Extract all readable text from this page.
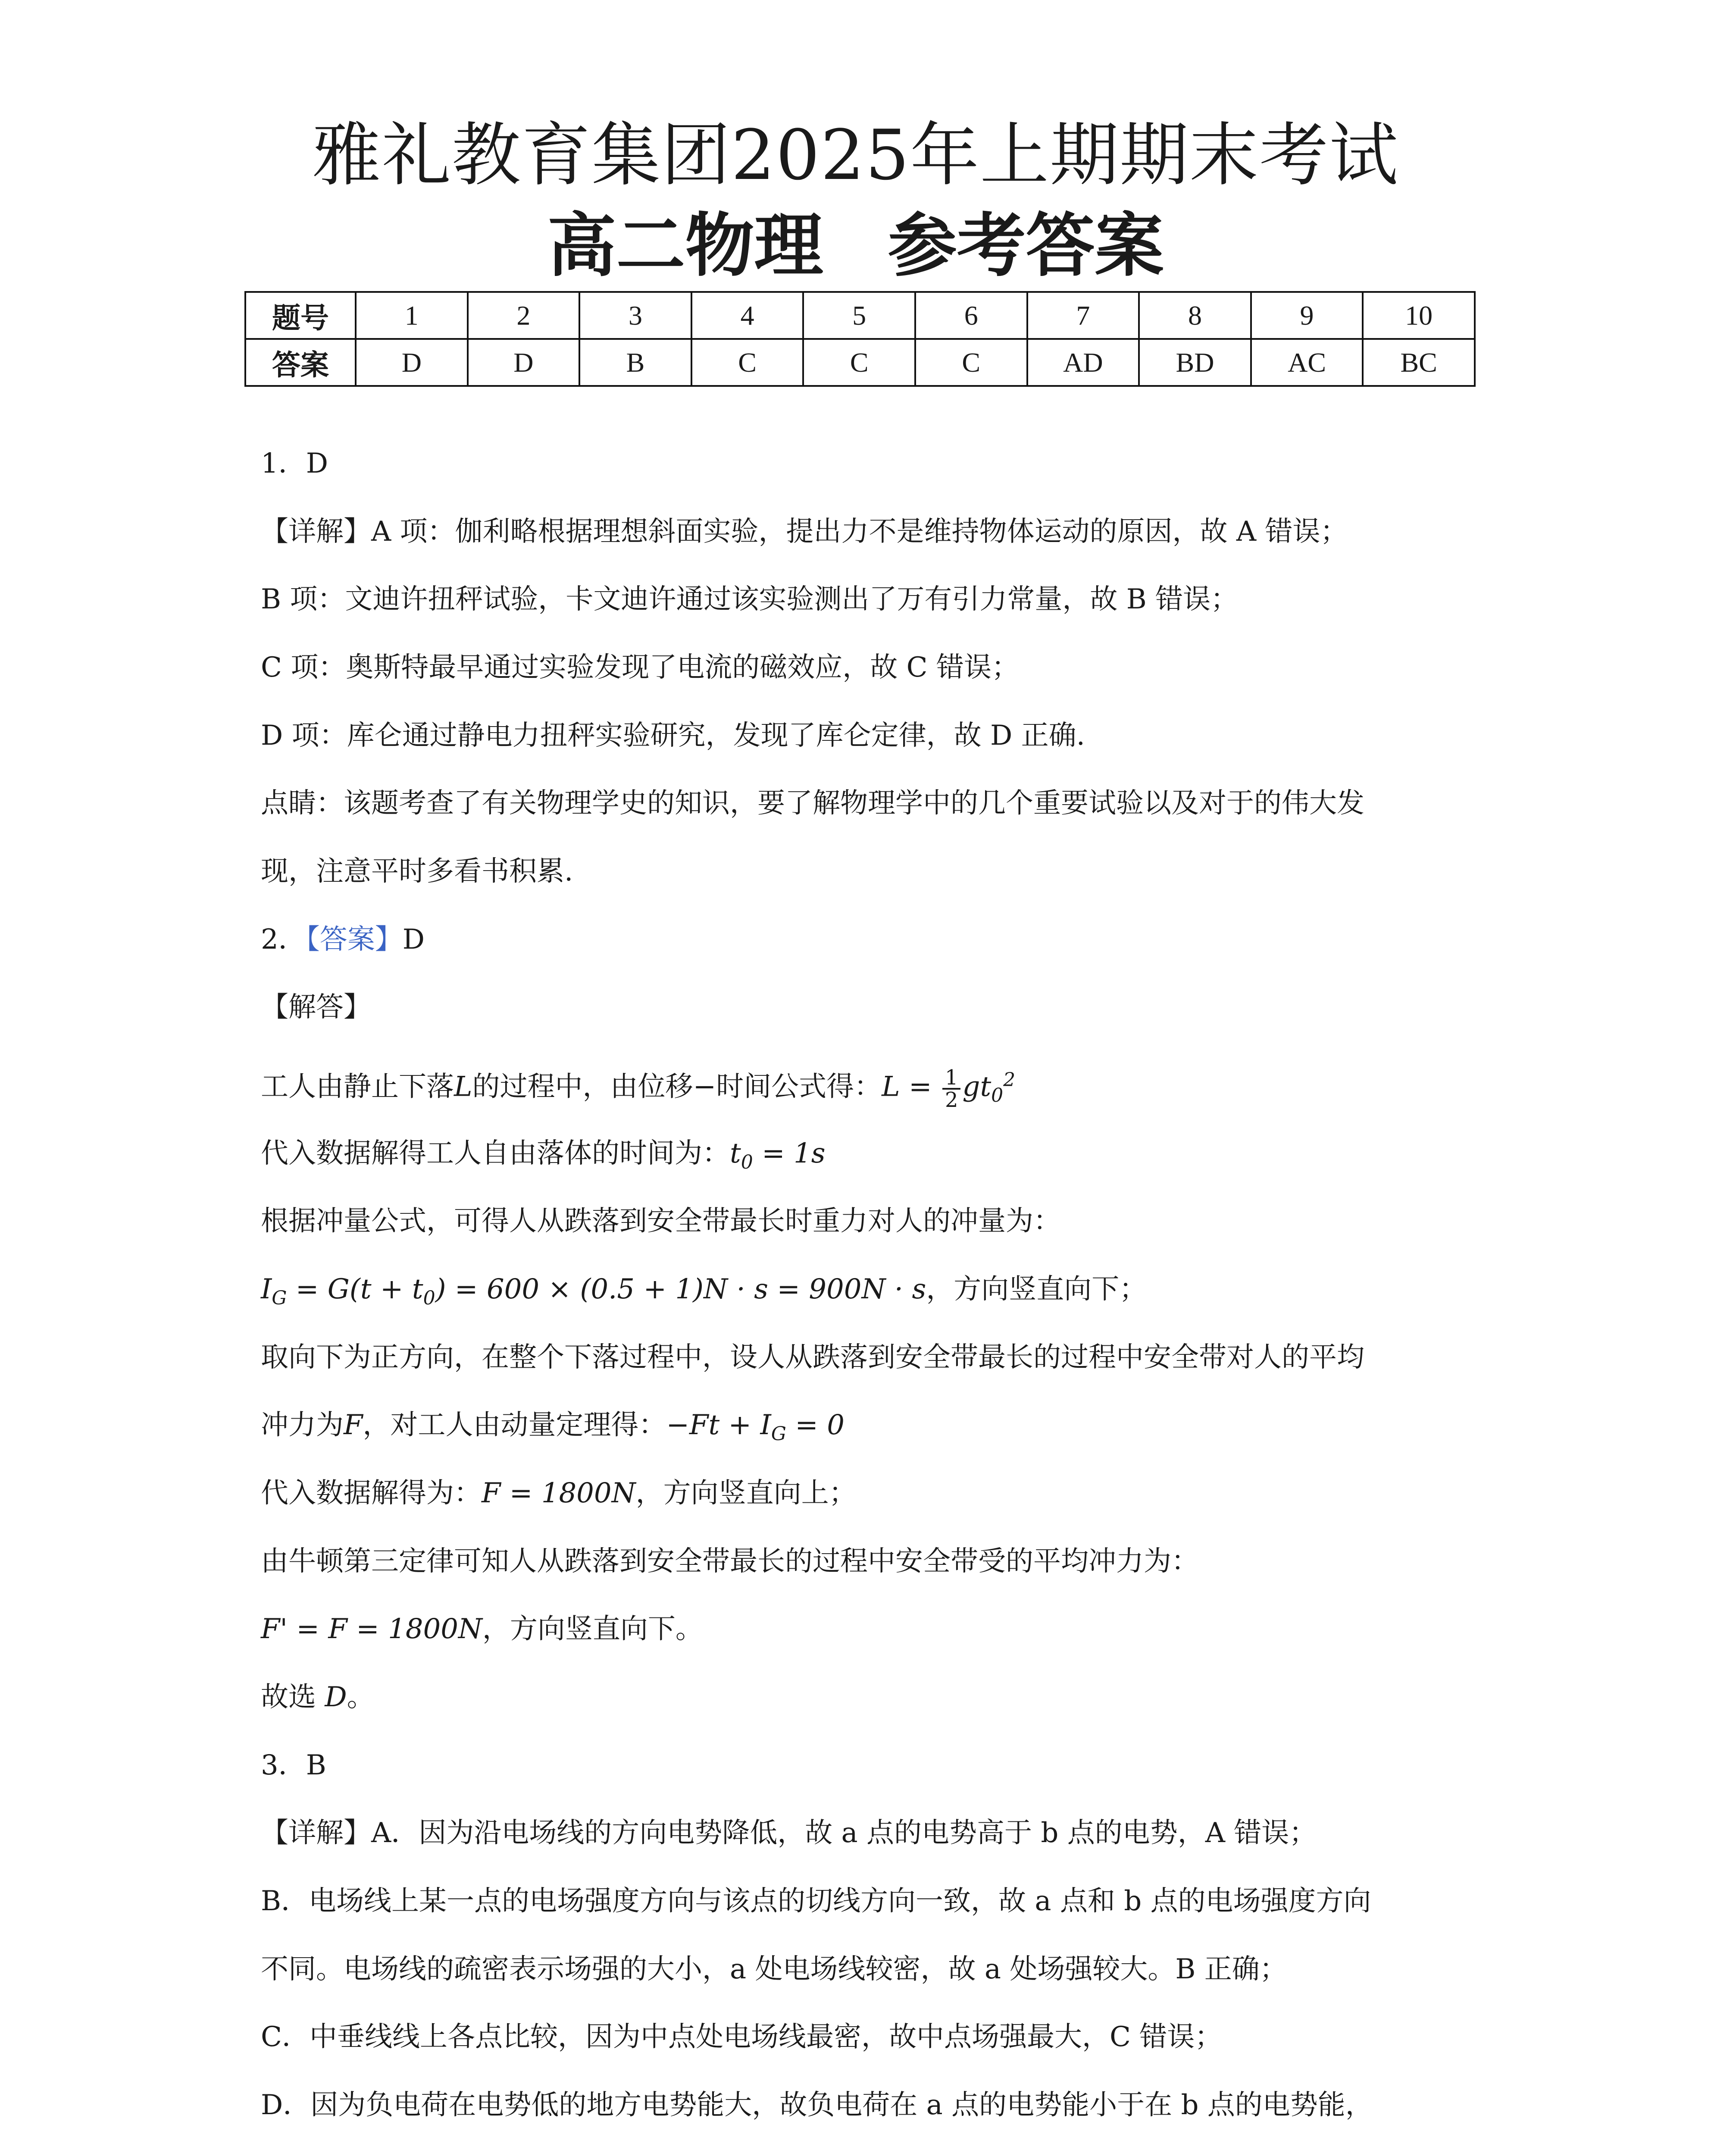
雅礼教育集团2025年上期期末考试
高二物理 参考答案
题号	1	2	3	4	5	6	7	8	9	10
答案	D	D	B	C	C	C	AD	BD	AC	BC
1．D
【详解】A 项：伽利略根据理想斜面实验，提出力不是维持物体运动的原因，故 A 错误；
B 项：文迪许扭秤试验，卡文迪许通过该实验测出了万有引力常量，故 B 错误；
C 项：奥斯特最早通过实验发现了电流的磁效应，故 C 错误；
D 项：库仑通过静电力扭秤实验研究，发现了库仑定律，故 D 正确.
点睛：该题考查了有关物理学史的知识，要了解物理学中的几个重要试验以及对于的伟大发
现，注意平时多看书积累.
2．【答案】D
【解答】
工人由静止下落L的过程中，由位移−时间公式得：$L = \frac{1}{2} gt_0^2$
代入数据解得工人自由落体的时间为：$t_0 = 1s$
根据冲量公式，可得人从跌落到安全带最长时重力对人的冲量为：
$I_G = G(t + t_0) = 600 \times (0.5 + 1)N \cdot s = 900N \cdot s$，方向竖直向下；
取向下为正方向，在整个下落过程中，设人从跌落到安全带最长的过程中安全带对人的平均
冲力为F，对工人由动量定理得：$-Ft + I_G = 0$
代入数据解得为：F = 1800N，方向竖直向上；
由牛顿第三定律可知人从跌落到安全带最长的过程中安全带受的平均冲力为：
F' = F = 1800N，方向竖直向下。
故选 D。
3．B
【详解】A．因为沿电场线的方向电势降低，故 a 点的电势高于 b 点的电势，A 错误；
B．电场线上某一点的电场强度方向与该点的切线方向一致，故 a 点和 b 点的电场强度方向
不同。电场线的疏密表示场强的大小，a 处电场线较密，故 a 处场强较大。B 正确；
C．中垂线线上各点比较，因为中点处电场线最密，故中点场强最大，C 错误；
D．因为负电荷在电势低的地方电势能大，故负电荷在 a 点的电势能小于在 b 点的电势能，
